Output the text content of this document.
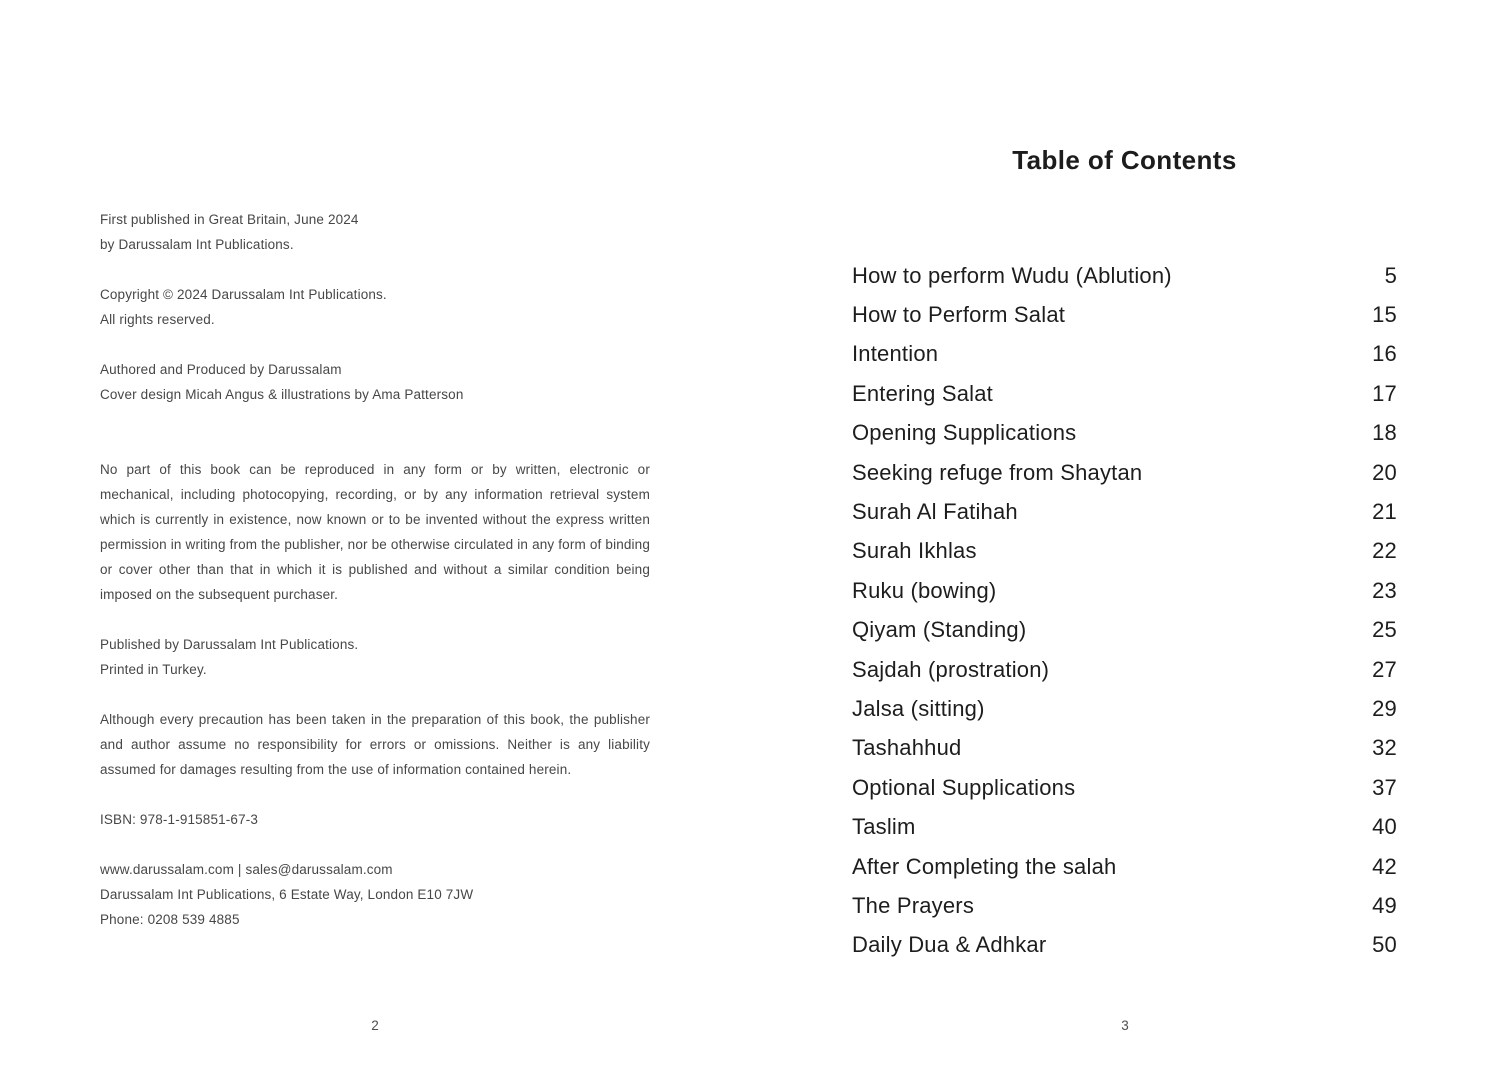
First published in Great Britain, June 2024

by Darussalam Int Publications.

Copyright © 2024 Darussalam Int Publications.

All rights reserved.

Authored and Produced by Darussalam

Cover design Micah Angus & illustrations by Ama Patterson

No part of this book can be reproduced in any form or by written, electronic or mechanical, including photocopying, recording, or by any information retrieval system which is currently in existence, now known or to be invented without the express written permission in writing from the publisher, nor be otherwise circulated in any form of binding or cover other than that in which it is published and without a similar condition being imposed on the subsequent purchaser.

Published by Darussalam Int Publications.

Printed in Turkey.

Although every precaution has been taken in the preparation of this book, the publisher and author assume no responsibility for errors or omissions. Neither is any liability assumed for damages resulting from the use of information contained herein.

ISBN: 978-1-915851-67-3

www.darussalam.com | sales@darussalam.com

Darussalam Int Publications, 6 Estate Way, London E10 7JW

Phone: 0208 539 4885

Table of Contents
How to perform Wudu (Ablution)	5
How to Perform Salat	15
Intention	16
Entering Salat	17
Opening Supplications	18
Seeking refuge from Shaytan	20
Surah Al Fatihah	21
Surah Ikhlas	22
Ruku (bowing)	23
Qiyam (Standing)	25
Sajdah (prostration)	27
Jalsa (sitting)	29
Tashahhud	32
Optional Supplications	37
Taslim	40
After Completing the salah	42
The Prayers	49
Daily Dua & Adhkar	50
2	3
